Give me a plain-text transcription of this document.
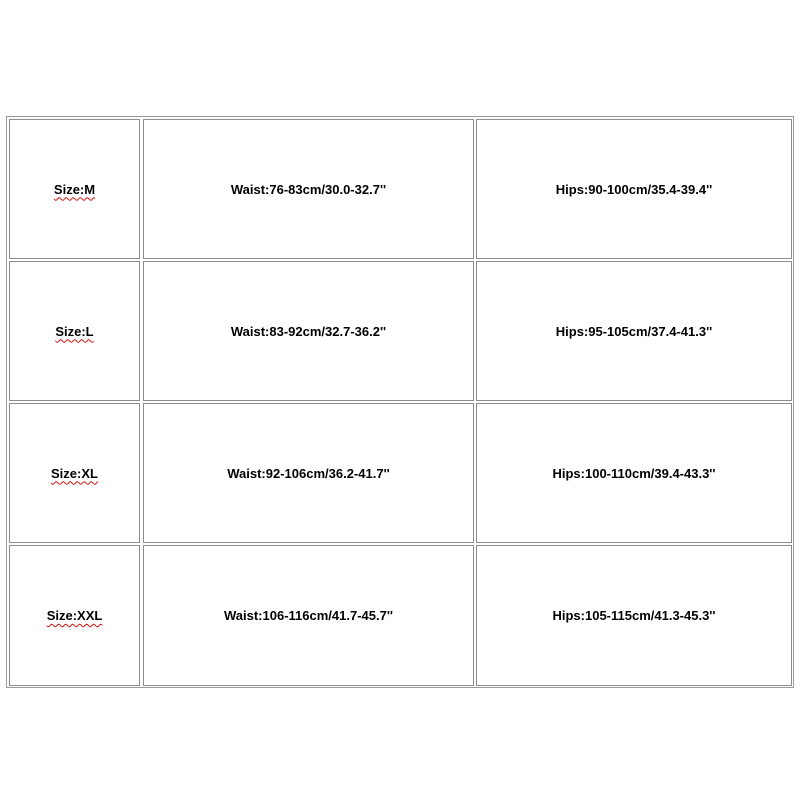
Size:M	Waist:76-83cm/30.0-32.7''	Hips:90-100cm/35.4-39.4''
Size:L	Waist:83-92cm/32.7-36.2''	Hips:95-105cm/37.4-41.3''
Size:XL	Waist:92-106cm/36.2-41.7''	Hips:100-110cm/39.4-43.3''
Size:XXL	Waist:106-116cm/41.7-45.7''	Hips:105-115cm/41.3-45.3''
